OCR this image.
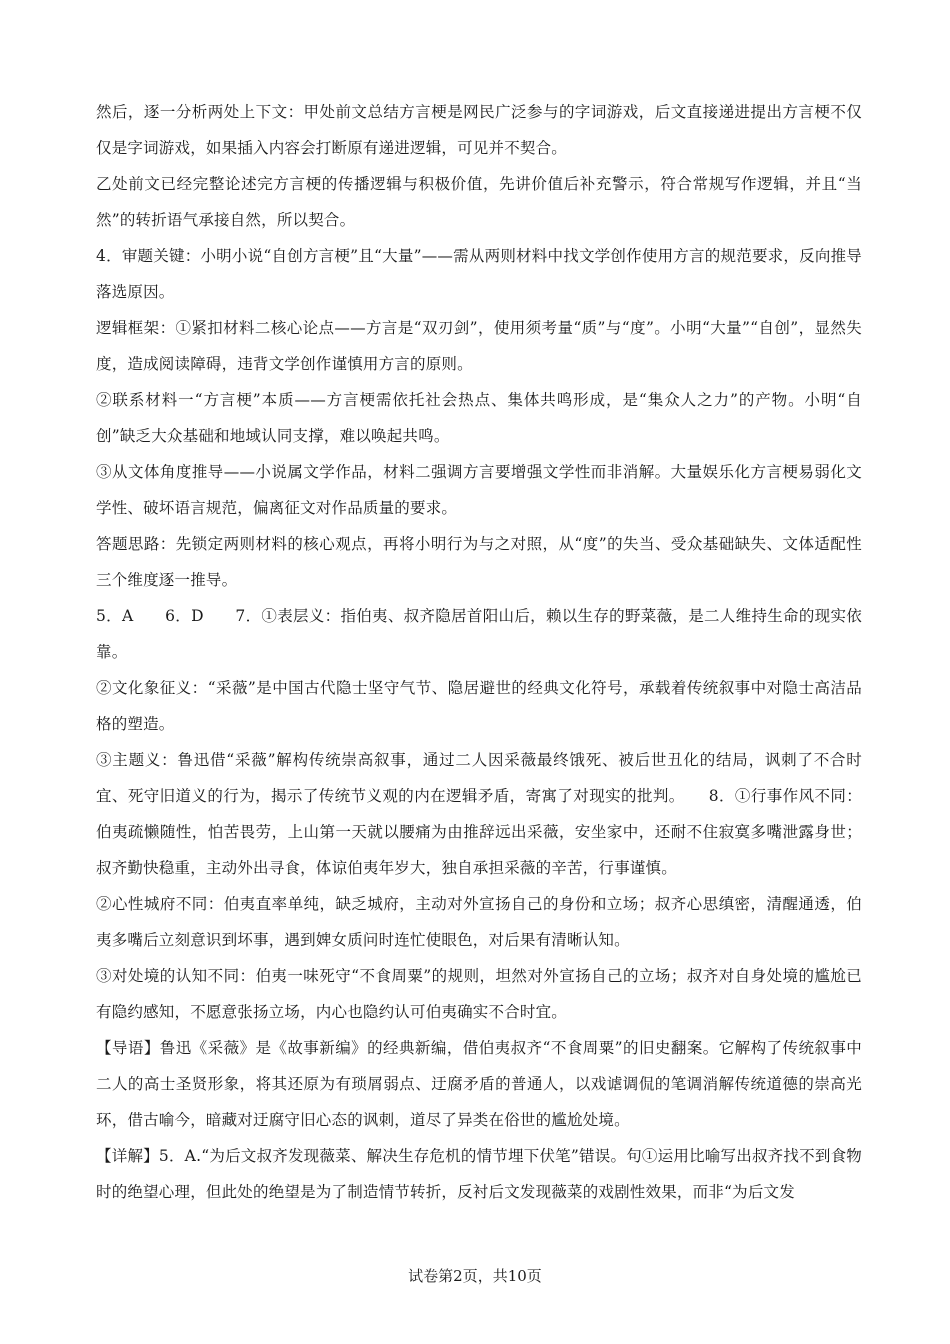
然后，逐一分析两处上下文：甲处前文总结方言梗是网民广泛参与的字词游戏，后文直接递进提出方言梗不仅仅是字词游戏，如果插入内容会打断原有递进逻辑，可见并不契合。

乙处前文已经完整论述完方言梗的传播逻辑与积极价值，先讲价值后补充警示，符合常规写作逻辑，并且“当然”的转折语气承接自然，所以契合。

4．审题关键：小明小说“自创方言梗”且“大量”——需从两则材料中找文学创作使用方言的规范要求，反向推导落选原因。

逻辑框架：①紧扣材料二核心论点——方言是“双刃剑”，使用须考量“质”与“度”。小明“大量”“自创”，显然失度，造成阅读障碍，违背文学创作谨慎用方言的原则。

②联系材料一“方言梗”本质——方言梗需依托社会热点、集体共鸣形成，是“集众人之力”的产物。小明“自创”缺乏大众基础和地域认同支撑，难以唤起共鸣。

③从文体角度推导——小说属文学作品，材料二强调方言要增强文学性而非消解。大量娱乐化方言梗易弱化文学性、破坏语言规范，偏离征文对作品质量的要求。

答题思路：先锁定两则材料的核心观点，再将小明行为与之对照，从“度”的失当、受众基础缺失、文体适配性三个维度逐一推导。

5．A　　6．D　　7．①表层义：指伯夷、叔齐隐居首阳山后，赖以生存的野菜薇，是二人维持生命的现实依靠。

②文化象征义：“采薇”是中国古代隐士坚守气节、隐居避世的经典文化符号，承载着传统叙事中对隐士高洁品格的塑造。

③主题义：鲁迅借“采薇”解构传统崇高叙事，通过二人因采薇最终饿死、被后世丑化的结局，讽刺了不合时宜、死守旧道义的行为，揭示了传统节义观的内在逻辑矛盾，寄寓了对现实的批判。　　8．①行事作风不同：伯夷疏懒随性，怕苦畏劳，上山第一天就以腰痛为由推辞远出采薇，安坐家中，还耐不住寂寞多嘴泄露身世；叔齐勤快稳重，主动外出寻食，体谅伯夷年岁大，独自承担采薇的辛苦，行事谨慎。

②心性城府不同：伯夷直率单纯，缺乏城府，主动对外宣扬自己的身份和立场；叔齐心思缜密，清醒通透，伯夷多嘴后立刻意识到坏事，遇到婢女质问时连忙使眼色，对后果有清晰认知。

③对处境的认知不同：伯夷一味死守“不食周粟”的规则，坦然对外宣扬自己的立场；叔齐对自身处境的尴尬已有隐约感知，不愿意张扬立场，内心也隐约认可伯夷确实不合时宜。

【导语】鲁迅《采薇》是《故事新编》的经典新编，借伯夷叔齐“不食周粟”的旧史翻案。它解构了传统叙事中二人的高士圣贤形象，将其还原为有琐屑弱点、迂腐矛盾的普通人，以戏谑调侃的笔调消解传统道德的崇高光环，借古喻今，暗藏对迂腐守旧心态的讽刺，道尽了异类在俗世的尴尬处境。

【详解】5．A.“为后文叔齐发现薇菜、解决生存危机的情节埋下伏笔”错误。句①运用比喻写出叔齐找不到食物时的绝望心理，但此处的绝望是为了制造情节转折，反衬后文发现薇菜的戏剧性效果，而非“为后文发

试卷第2页，共10页
